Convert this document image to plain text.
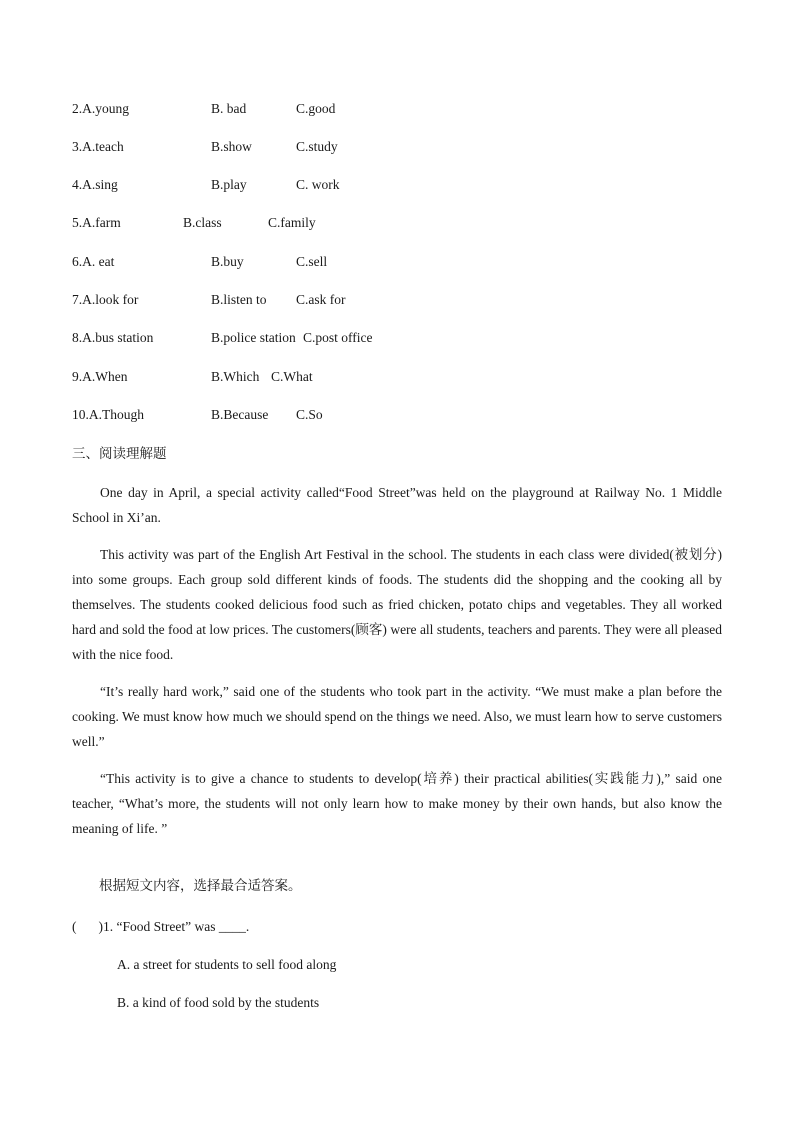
2.A.young	B. bad	C.good
3.A.teach	B.show	C.study
4.A.sing	B.play	C. work
5.A.farm	B.class	C.family
6.A. eat	B.buy	C.sell
7.A.look for	B.listen to C.ask for
8.A.bus station	B.police station C.post office
9.A.When	B.Which C.What
10.A.Though	B.Because C.So
三、阅读理解题

One day in April, a special activity called“Food Street”was held on the playground at Railway No. 1 Middle School in Xi’an.

This activity was part of the English Art Festival in the school. The students in each class were divided(被划分) into some groups. Each group sold different kinds of foods. The students did the shopping and the cooking all by themselves. The students cooked delicious food such as fried chicken, potato chips and vegetables. They all worked hard and sold the food at low prices. The customers(顾客) were all students, teachers and parents. They were all pleased with the nice food.

“It’s really hard work,” said one of the students who took part in the activity. “We must make a plan before the cooking. We must know how much we should spend on the things we need. Also, we must learn how to serve customers well.”

“This activity is to give a chance to students to develop(培养) their practical abilities(实践能力),” said one teacher, “What’s more, the students will not only learn how to make money by their own hands, but also know the meaning of life. ”

根据短文内容，选择最合适答案。
( )1. “Food Street” was ____.
A. a street for students to sell food along
B. a kind of food sold by the students
